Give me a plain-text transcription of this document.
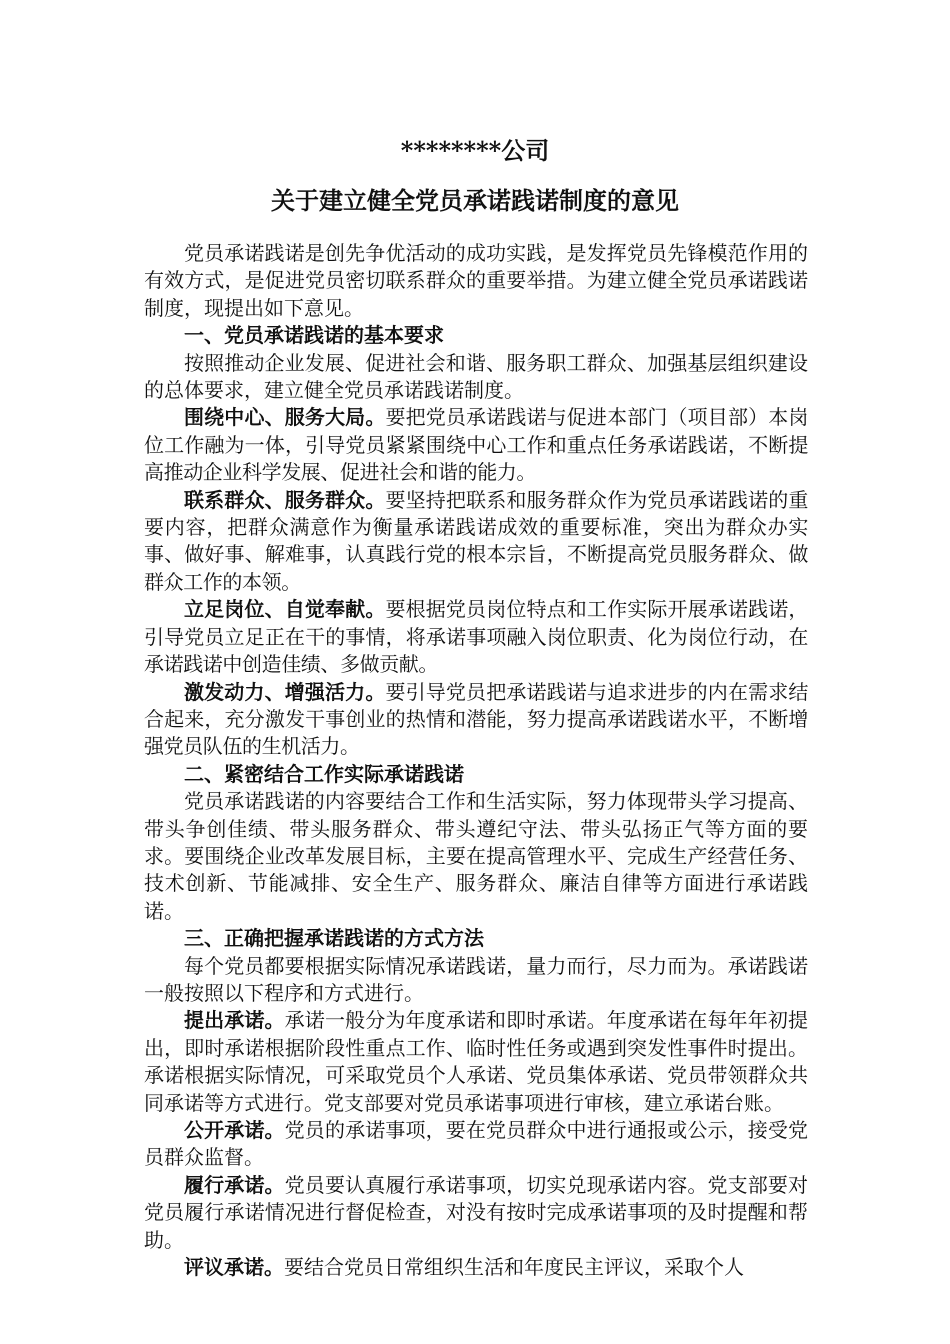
********公司
关于建立健全党员承诺践诺制度的意见

党员承诺践诺是创先争优活动的成功实践，是发挥党员先锋模范作用的有效方式，是促进党员密切联系群众的重要举措。为建立健全党员承诺践诺制度，现提出如下意见。

一、党员承诺践诺的基本要求

按照推动企业发展、促进社会和谐、服务职工群众、加强基层组织建设的总体要求，建立健全党员承诺践诺制度。

围绕中心、服务大局。要把党员承诺践诺与促进本部门（项目部）本岗位工作融为一体，引导党员紧紧围绕中心工作和重点任务承诺践诺，不断提高推动企业科学发展、促进社会和谐的能力。

联系群众、服务群众。要坚持把联系和服务群众作为党员承诺践诺的重要内容，把群众满意作为衡量承诺践诺成效的重要标准，突出为群众办实事、做好事、解难事，认真践行党的根本宗旨，不断提高党员服务群众、做群众工作的本领。

立足岗位、自觉奉献。要根据党员岗位特点和工作实际开展承诺践诺，引导党员立足正在干的事情，将承诺事项融入岗位职责、化为岗位行动，在承诺践诺中创造佳绩、多做贡献。

激发动力、增强活力。要引导党员把承诺践诺与追求进步的内在需求结合起来，充分激发干事创业的热情和潜能，努力提高承诺践诺水平，不断增强党员队伍的生机活力。

二、紧密结合工作实际承诺践诺

党员承诺践诺的内容要结合工作和生活实际，努力体现带头学习提高、带头争创佳绩、带头服务群众、带头遵纪守法、带头弘扬正气等方面的要求。要围绕企业改革发展目标，主要在提高管理水平、完成生产经营任务、技术创新、节能减排、安全生产、服务群众、廉洁自律等方面进行承诺践诺。

三、正确把握承诺践诺的方式方法

每个党员都要根据实际情况承诺践诺，量力而行，尽力而为。承诺践诺一般按照以下程序和方式进行。

提出承诺。承诺一般分为年度承诺和即时承诺。年度承诺在每年年初提出，即时承诺根据阶段性重点工作、临时性任务或遇到突发性事件时提出。承诺根据实际情况，可采取党员个人承诺、党员集体承诺、党员带领群众共同承诺等方式进行。党支部要对党员承诺事项进行审核，建立承诺台账。

公开承诺。党员的承诺事项，要在党员群众中进行通报或公示，接受党员群众监督。

履行承诺。党员要认真履行承诺事项，切实兑现承诺内容。党支部要对党员履行承诺情况进行督促检查，对没有按时完成承诺事项的及时提醒和帮助。

评议承诺。要结合党员日常组织生活和年度民主评议，采取个人
